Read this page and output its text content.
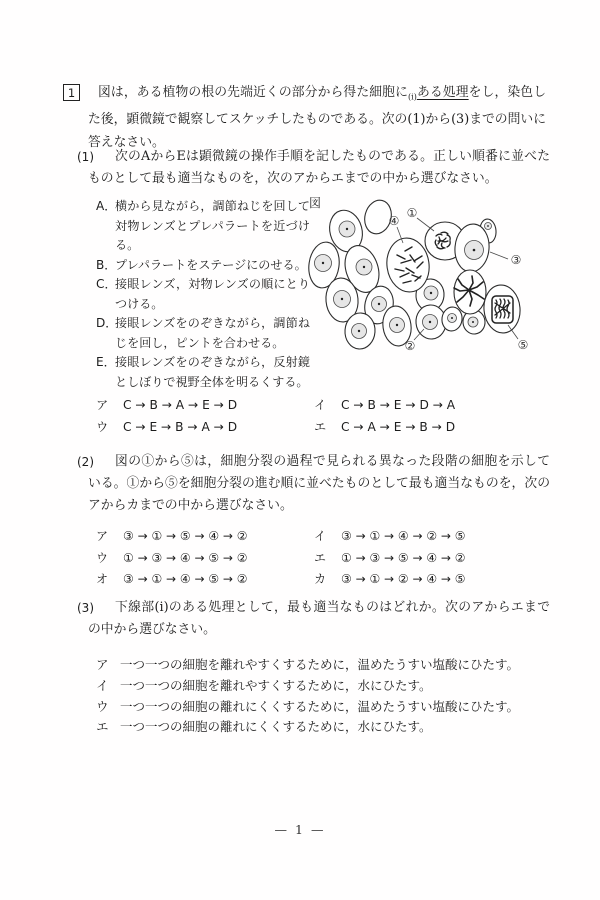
1	図は，ある植物の根の先端近くの部分から得た細胞に$_{(i)}$ある処理をし，染色した後，顕微鏡で観察してスケッチしたものである。次の(1)から(3)までの問いに答えなさい。

(1) 次のAからEは顕微鏡の操作手順を記したものである。正しい順番に並べたものとして最も適当なものを，次のアからエまでの中から選びなさい。

A．
横から見ながら，調節ねじを回して対物レンズとプレパラートを近づける。
B．
プレパラートをステージにのせる。
C．
接眼レンズ，対物レンズの順にとりつける。
D．
接眼レンズをのぞきながら，調節ねじを回し，ピントを合わせる。
E． 接眼レンズをのぞきながら，反射鏡としぼりで視野全体を明るくする。
図
①
②
③
④
⑤
ア C → B → A → E → D	イ C → B → E → D → A
ウ C → E → B → A → D	エ C → A → E → B → D

(2) 図の①から⑤は，細胞分裂の過程で見られる異なった段階の細胞を示している。①から⑤を細胞分裂の進む順に並べたものとして最も適当なものを，次のアからカまでの中から選びなさい。

ア ③ → ① → ⑤ → ④ → ②	イ ③ → ① → ④ → ② → ⑤
ウ ① → ③ → ④ → ⑤ → ②	エ ① → ③ → ⑤ → ④ → ②
オ ③ → ① → ④ → ⑤ → ②	カ ③ → ① → ② → ④ → ⑤

(3) 下線部(i)のある処理として，最も適当なものはどれか。次のアからエまでの中から選びなさい。

ア 一つ一つの細胞を離れやすくするために，温めたうすい塩酸にひたす。
イ 一つ一つの細胞を離れやすくするために，水にひたす。
ウ 一つ一つの細胞の離れにくくするために，温めたうすい塩酸にひたす。
エ 一つ一つの細胞の離れにくくするために，水にひたす。
— 1 —
